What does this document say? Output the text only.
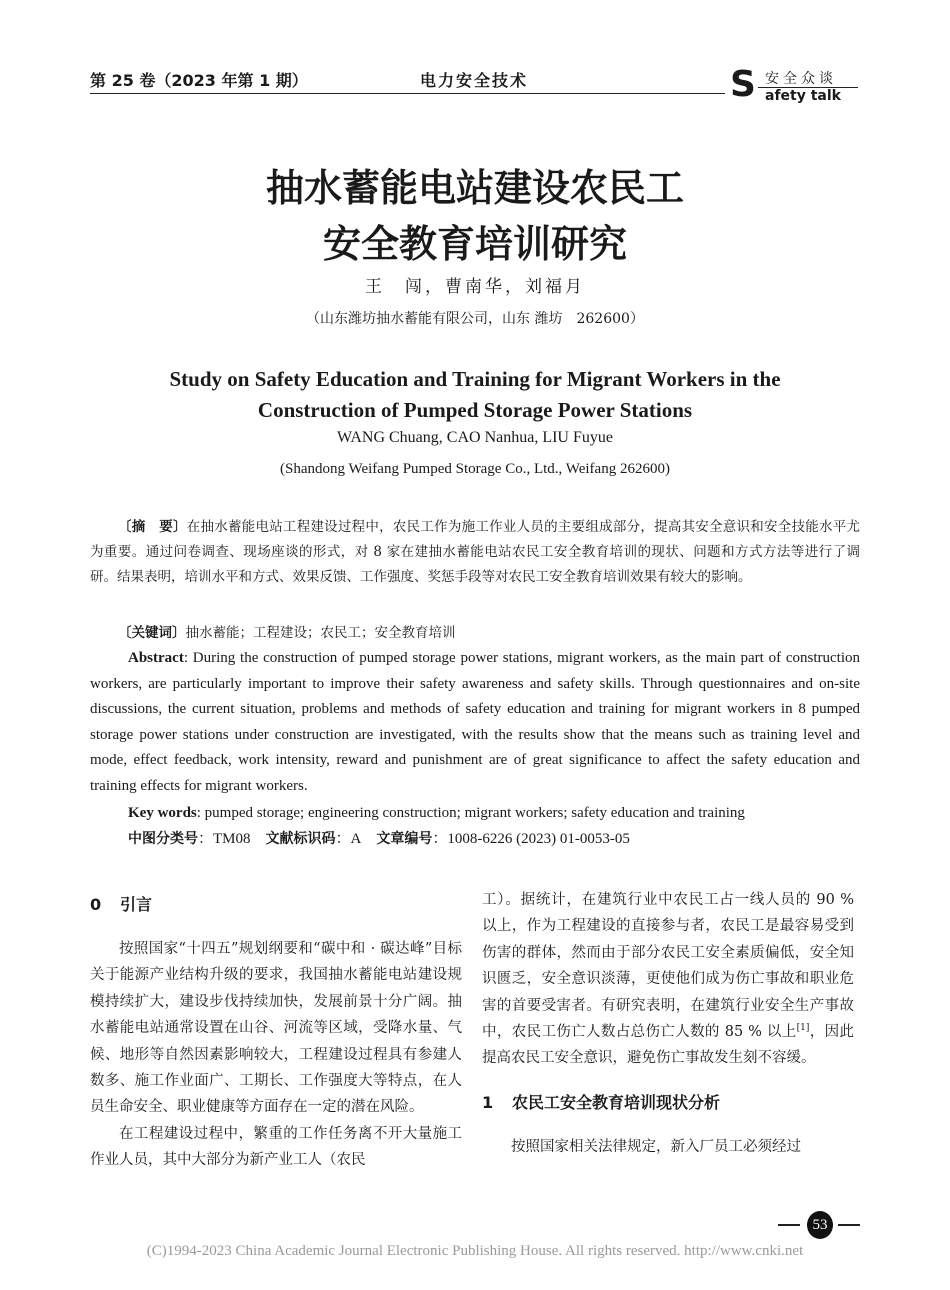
第 25 卷（2023 年第 1 期）	电力安全技术	S 安全众谈
afety talk
抽水蓄能电站建设农民工
安全教育培训研究
王　闯，曹南华，刘福月
（山东潍坊抽水蓄能有限公司，山东 潍坊　262600）
Study on Safety Education and Training for Migrant Workers in the
Construction of Pumped Storage Power Stations
WANG Chuang, CAO Nanhua, LIU Fuyue
(Shandong Weifang Pumped Storage Co., Ltd., Weifang 262600)
〔摘　要〕在抽水蓄能电站工程建设过程中，农民工作为施工作业人员的主要组成部分，提高其安全意识和安全技能水平尤为重要。通过问卷调查、现场座谈的形式，对 8 家在建抽水蓄能电站农民工安全教育培训的现状、问题和方式方法等进行了调研。结果表明，培训水平和方式、效果反馈、工作强度、奖惩手段等对农民工安全教育培训效果有较大的影响。
〔关键词〕抽水蓄能；工程建设；农民工；安全教育培训
Abstract: During the construction of pumped storage power stations, migrant workers, as the main part of construction workers, are particularly important to improve their safety awareness and safety skills. Through questionnaires and on-site discussions, the current situation, problems and methods of safety education and training for migrant workers in 8 pumped storage power stations under construction are investigated, with the results show that the means such as training level and mode, effect feedback, work intensity, reward and punishment are of great significance to affect the safety education and training effects for migrant workers.
Key words: pumped storage; engineering construction; migrant workers; safety education and training
中图分类号：TM08 文献标识码：A 文章编号：1008-6226 (2023) 01-0053-05
0 引言

按照国家“十四五”规划纲要和“碳中和 · 碳达峰”目标关于能源产业结构升级的要求，我国抽水蓄能电站建设规模持续扩大，建设步伐持续加快，发展前景十分广阔。抽水蓄能电站通常设置在山谷、河流等区域，受降水量、气候、地形等自然因素影响较大，工程建设过程具有参建人数多、施工作业面广、工期长、工作强度大等特点，在人员生命安全、职业健康等方面存在一定的潜在风险。

在工程建设过程中，繁重的工作任务离不开大量施工作业人员，其中大部分为新产业工人（农民

工）。据统计，在建筑行业中农民工占一线人员的 90 % 以上，作为工程建设的直接参与者，农民工是最容易受到伤害的群体，然而由于部分农民工安全素质偏低，安全知识匮乏，安全意识淡薄，更使他们成为伤亡事故和职业危害的首要受害者。有研究表明，在建筑行业安全生产事故中，农民工伤亡人数占总伤亡人数的 85 % 以上[1]，因此提高农民工安全意识，避免伤亡事故发生刻不容缓。

1 农民工安全教育培训现状分析

按照国家相关法律规定，新入厂员工必须经过

53
(C)1994-2023 China Academic Journal Electronic Publishing House. All rights reserved. http://www.cnki.net
